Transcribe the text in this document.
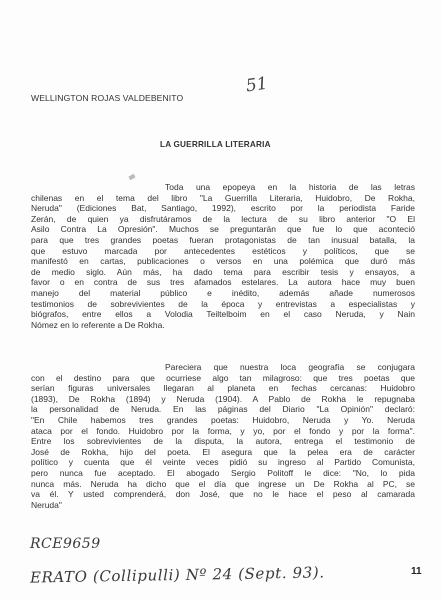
WELLINGTON ROJAS VALDEBENITO
51
LA GUERRILLA LITERARIA
Toda una epopeya en la historia de las letras
chilenas en el tema del libro "La Guerrilla Literaria, Huidobro, De Rokha,
Neruda" (Ediciones Bat, Santiago, 1992), escrito por la periodista Faride
Zerán, de quien ya disfrutáramos de la lectura de su libro anterior "O El
Asilo Contra La Opresión". Muchos se preguntarán que fue lo que aconteció
para que tres grandes poetas fueran protagonistas de tan inusual batalla, la
que estuvo marcada por antecedentes estéticos y políticos, que se
manifestó en cartas, publicaciones o versos en una polémica que duró más
de medio siglo. Aún más, ha dado tema para escribir tesis y ensayos, a
favor o en contra de sus tres afamados estelares. La autora hace muy buen
manejo del material público e inédito, además añade numerosos
testimonios de sobrevivientes de la época y entrevistas a especialistas y
biógrafos, entre ellos a Volodia Teiltelboim en el caso Neruda, y Nain
Nómez en lo referente a De Rokha.
Pareciera que nuestra loca geografía se conjugara
con el destino para que ocurriese algo tan milagroso: que tres poetas que
serían figuras universales llegaran al planeta en fechas cercanas: Huidobro
(1893), De Rokha (1894) y Neruda (1904). A Pablo de Rokha le repugnaba
la personalidad de Neruda. En las páginas del Diario "La Opinión" declaró:
"En Chile habemos tres grandes poetas: Huidobro, Neruda y Yo. Neruda
ataca por el fondo. Huidobro por la forma, y yo, por el fondo y por la forma".
Entre los sobrevivientes de la disputa, la autora, entrega el testimonio de
José de Rokha, hijo del poeta. El asegura que la pelea era de carácter
político y cuenta que él veinte veces pidió su ingreso al Partido Comunista,
pero nunca fue aceptado. El abogado Sergio Politoff le dice: "No, lo pida
nunca más. Neruda ha dicho que el día que ingrese un De Rokha al PC, se
va él. Y usted comprenderá, don José, que no le hace el peso al camarada
Neruda"
RCE9659
ERATO (Collipulli) Nº 24 (Sept. 93).	11
